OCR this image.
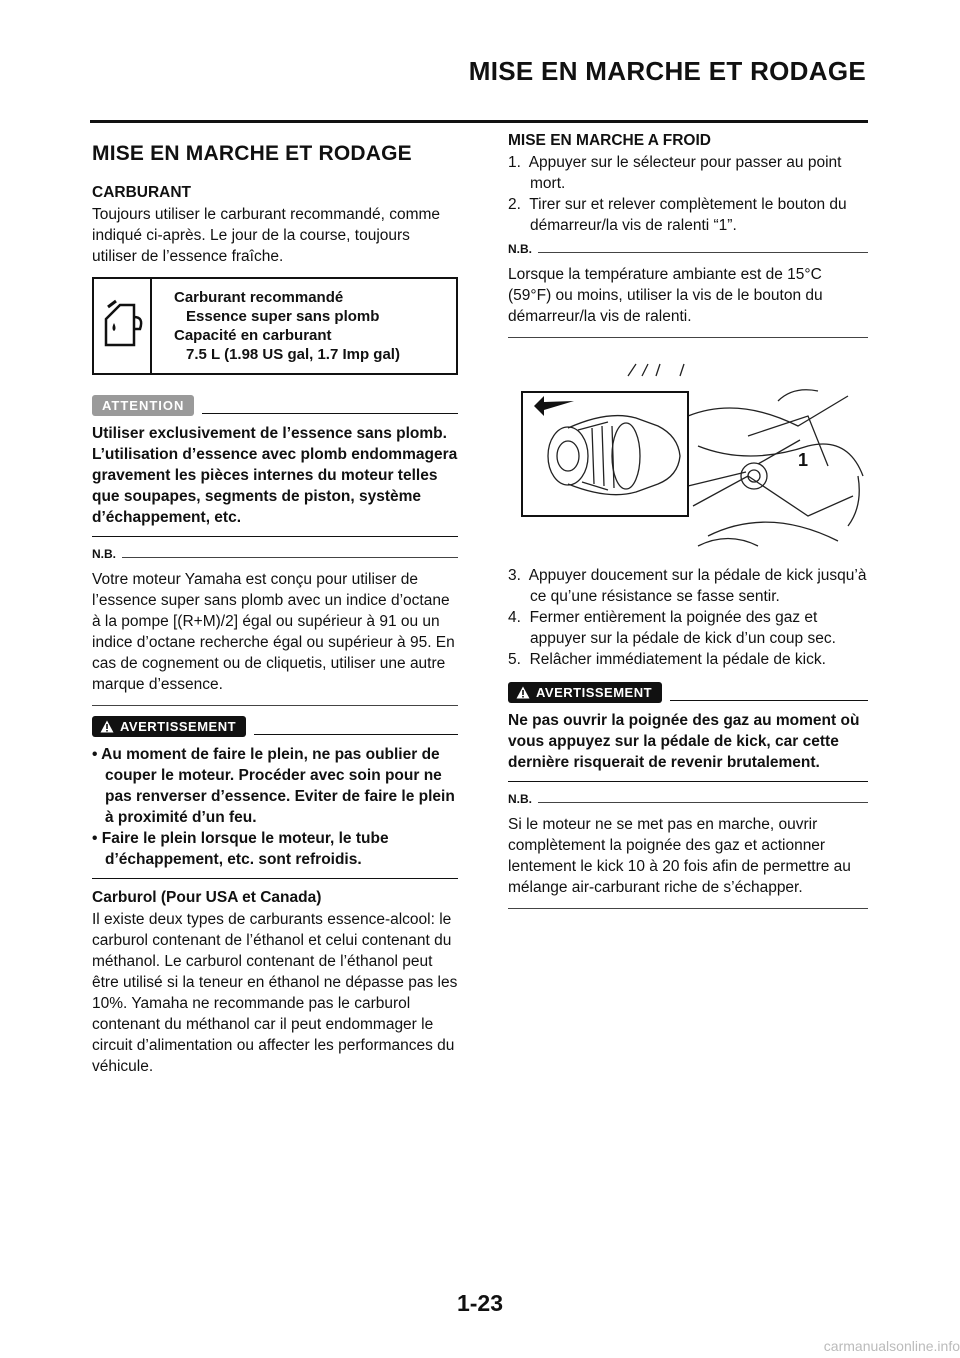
MISE EN MARCHE ET RODAGE
MISE EN MARCHE ET RODAGE
CARBURANT

Toujours utiliser le carburant recommandé, comme indiqué ci-après. Le jour de la course, toujours utiliser de l’essence fraîche.

Carburant recommandé
Essence super sans plomb
Capacité en carburant
7.5 L (1.98 US gal, 1.7 Imp gal)
ATTENTION
Utiliser exclusivement de l’essence sans plomb. L’utilisation d’essence avec plomb endommagera gravement les pièces internes du moteur telles que soupapes, segments de piston, système d’échappement, etc.
N.B.

Votre moteur Yamaha est conçu pour utiliser de l’essence super sans plomb avec un indice d’octane à la pompe [(R+M)/2] égal ou supérieur à 91 ou un indice d’octane recherche égal ou supérieur à 95. En cas de cognement ou de cliquetis, utiliser une autre marque d’essence.

AVERTISSEMENT
• Au moment de faire le plein, ne pas oublier de couper le moteur. Procéder avec soin pour ne pas renverser d’essence. Eviter de faire le plein à proximité d’un feu.
• Faire le plein lorsque le moteur, le tube d’échappement, etc. sont refroidis.
Carburol (Pour USA et Canada)

Il existe deux types de carburants essence-alcool: le carburol contenant de l’éthanol et celui contenant du méthanol. Le carburol contenant de l’éthanol peut être utilisé si la teneur en éthanol ne dépasse pas les 10%. Yamaha ne recommande pas le carburol contenant du méthanol car il peut endommager le circuit d’alimentation ou affecter les performances du véhicule.

MISE EN MARCHE A FROID
1. Appuyer sur le sélecteur pour passer au point mort.
2. Tirer sur et relever complètement le bouton du démarreur/la vis de ralenti “1”.
N.B.

Lorsque la température ambiante est de 15°C (59°F) ou moins, utiliser la vis de le bouton du démarreur/la vis de ralenti.

1
3. Appuyer doucement sur la pédale de kick jusqu’à ce qu’une résistance se fasse sentir.
4. Fermer entièrement la poignée des gaz et appuyer sur la pédale de kick d’un coup sec.
5. Relâcher immédiatement la pédale de kick.
AVERTISSEMENT
Ne pas ouvrir la poignée des gaz au moment où vous appuyez sur la pédale de kick, car cette dernière risquerait de revenir brutalement.
N.B.

Si le moteur ne se met pas en marche, ouvrir complètement la poignée des gaz et actionner lentement le kick 10 à 20 fois afin de permettre au mélange air-carburant riche de s’échapper.

1-23
carmanualsonline.info
